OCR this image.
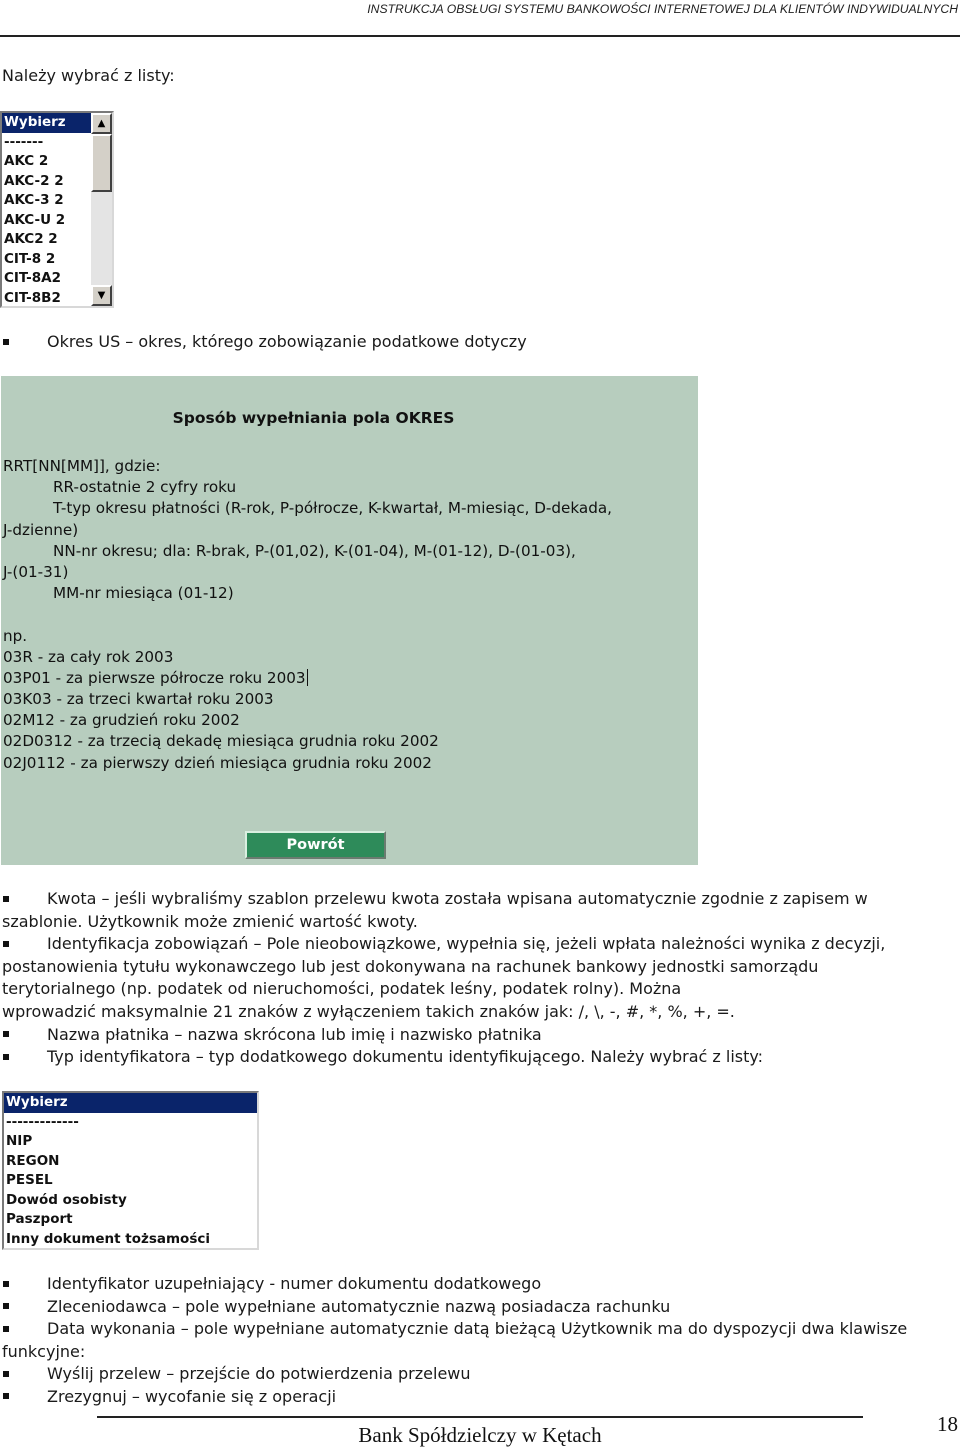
INSTRUKCJA OBSŁUGI SYSTEMU BANKOWOŚCI INTERNETOWEJ DLA KLIENTÓW INDYWIDUALNYCH
Należy wybrać z listy:
Wybierz
-------
AKC 2
AKC-2 2
AKC-3 2
AKC-U 2
AKC2 2
CIT-8 2
CIT-8A2
CIT-8B2
▲
▼
Okres US – okres, którego zobowiązanie podatkowe dotyczy
Sposób wypełniania pola OKRES
RRT[NN[MM]], gdzie:
RR-ostatnie 2 cyfry roku
T-typ okresu płatności (R-rok, P-półrocze, K-kwartał, M-miesiąc, D-dekada,
J-dzienne)
NN-nr okresu; dla: R-brak, P-(01,02), K-(01-04), M-(01-12), D-(01-03),
J-(01-31)
MM-nr miesiąca (01-12)
np.
03R - za cały rok 2003
03P01 - za pierwsze półrocze roku 2003
03K03 - za trzeci kwartał roku 2003
02M12 - za grudzień roku 2002
02D0312 - za trzecią dekadę miesiąca grudnia roku 2002
02J0112 - za pierwszy dzień miesiąca grudnia roku 2002
Powrót
Kwota – jeśli wybraliśmy szablon przelewu kwota została wpisana automatycznie zgodnie z zapisem w
szablonie. Użytkownik może zmienić wartość kwoty.
Identyfikacja zobowiązań – Pole nieobowiązkowe, wypełnia się, jeżeli wpłata należności wynika z decyzji,
postanowienia tytułu wykonawczego lub jest dokonywana na rachunek bankowy jednostki samorządu
terytorialnego (np. podatek od nieruchomości, podatek leśny, podatek rolny). Można
wprowadzić maksymalnie 21 znaków z wyłączeniem takich znaków jak: /, \, -, #, *, %, +, =.
Nazwa płatnika – nazwa skrócona lub imię i nazwisko płatnika
Typ identyfikatora – typ dodatkowego dokumentu identyfikującego. Należy wybrać z listy:
Wybierz
-------------
NIP
REGON
PESEL
Dowód osobisty
Paszport
Inny dokument tożsamości
Identyfikator uzupełniający - numer dokumentu dodatkowego
Zleceniodawca – pole wypełniane automatycznie nazwą posiadacza rachunku
Data wykonania – pole wypełniane automatycznie datą bieżącą Użytkownik ma do dyspozycji dwa klawisze
funkcyjne:
Wyślij przelew – przejście do potwierdzenia przelewu
Zrezygnuj – wycofanie się z operacji
Bank Spółdzielczy w Kętach	18
